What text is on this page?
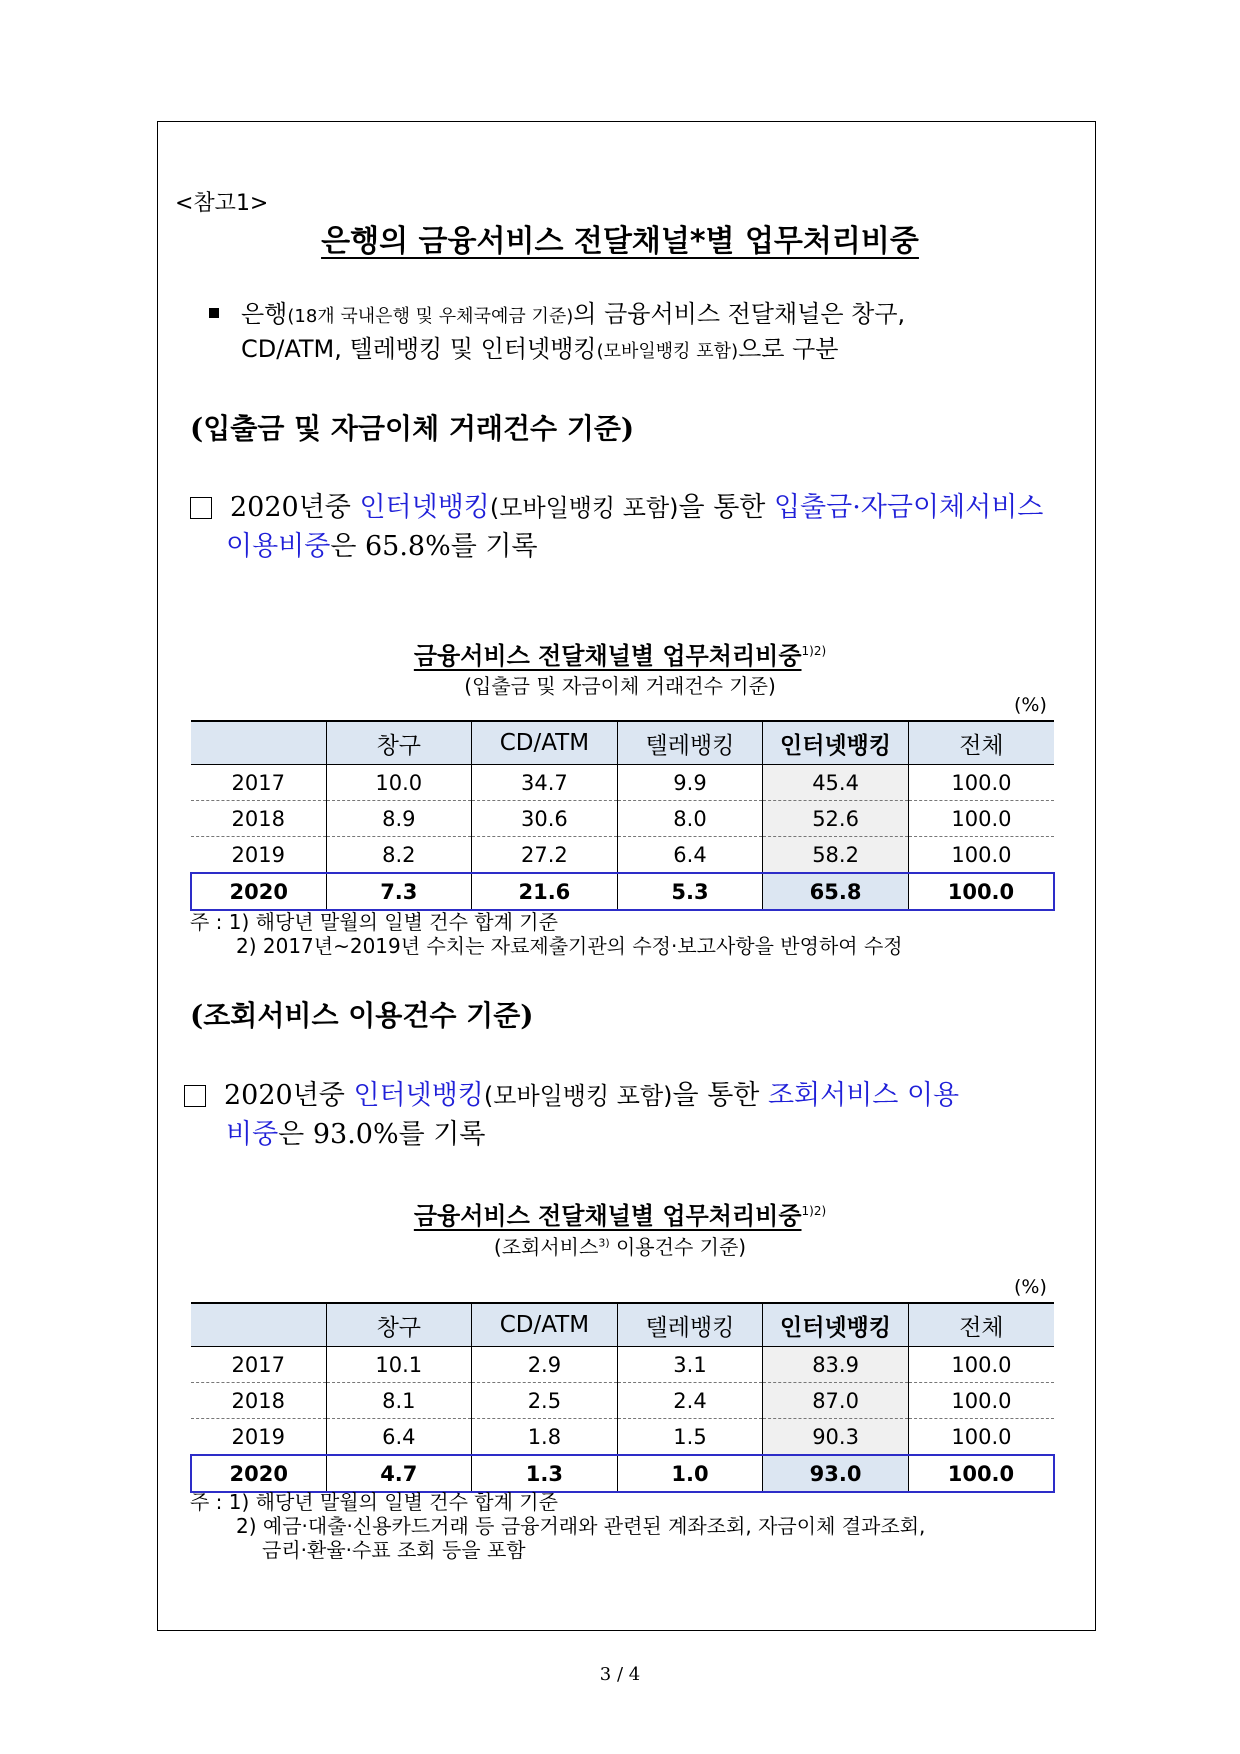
<참고1>
은행의 금융서비스 전달채널*별 업무처리비중
은행(18개 국내은행 및 우체국예금 기준)의 금융서비스 전달채널은 창구,
CD/ATM, 텔레뱅킹 및 인터넷뱅킹(모바일뱅킹 포함)으로 구분
(입출금 및 자금이체 거래건수 기준)
2020년중 인터넷뱅킹(모바일뱅킹 포함)을 통한 입출금·자금이체서비스
이용비중은 65.8%를 기록
금융서비스 전달채널별 업무처리비중$^{1)2)}$
(입출금 및 자금이체 거래건수 기준)
(%)
	창구	CD/ATM	텔레뱅킹	인터넷뱅킹	전체
2017	10.0	34.7	9.9	45.4	100.0
2018	8.9	30.6	8.0	52.6	100.0
2019	8.2	27.2	6.4	58.2	100.0
2020	7.3	21.6	5.3	65.8	100.0
주 : 1) 해당년 말월의 일별 건수 합계 기준
2) 2017년~2019년 수치는 자료제출기관의 수정·보고사항을 반영하여 수정
(조회서비스 이용건수 기준)
2020년중 인터넷뱅킹(모바일뱅킹 포함)을 통한 조회서비스 이용
비중은 93.0%를 기록
금융서비스 전달채널별 업무처리비중$^{1)2)}$
(조회서비스$^{3)}$ 이용건수 기준)
(%)
	창구	CD/ATM	텔레뱅킹	인터넷뱅킹	전체
2017	10.1	2.9	3.1	83.9	100.0
2018	8.1	2.5	2.4	87.0	100.0
2019	6.4	1.8	1.5	90.3	100.0
2020	4.7	1.3	1.0	93.0	100.0
주 : 1) 해당년 말월의 일별 건수 합계 기준
2) 예금·대출·신용카드거래 등 금융거래와 관련된 계좌조회, 자금이체 결과조회,
금리·환율·수표 조회 등을 포함
3 / 4
